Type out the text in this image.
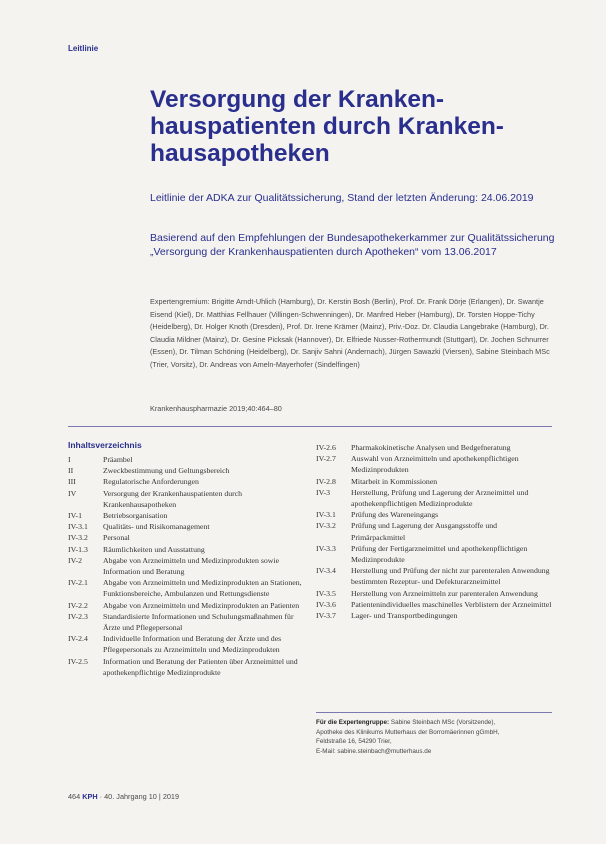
Leitlinie
Versorgung der Krankenhauspatienten durch Krankenhausapotheken

Leitlinie der ADKA zur Qualitätssicherung, Stand der letzten Änderung: 24.06.2019

Basierend auf den Empfehlungen der Bundesapothekerkammer zur Qualitätssicherung „Versorgung der Krankenhauspatienten durch Apotheken“ vom 13.06.2017

Expertengremium: Brigitte Arndt-Uhlich (Hamburg), Dr. Kerstin Bosh (Berlin), Prof. Dr. Frank Dörje (Erlangen), Dr. Swantje Eisend (Kiel), Dr. Matthias Fellhauer (Villingen-Schwenningen), Dr. Manfred Heber (Hamburg), Dr. Torsten Hoppe-Tichy (Heidelberg), Dr. Holger Knoth (Dresden), Prof. Dr. Irene Krämer (Mainz), Priv.-Doz. Dr. Claudia Langebrake (Hamburg), Dr. Claudia Mildner (Mainz), Dr. Gesine Picksak (Hannover), Dr. Elfriede Nusser-Rothermundt (Stuttgart), Dr. Jochen Schnurrer (Essen), Dr. Tilman Schöning (Heidelberg), Dr. Sanjiv Sahni (Andernach), Jürgen Sawazki (Viersen), Sabine Steinbach MSc (Trier, Vorsitz), Dr. Andreas von Ameln-Mayerhofer (Sindelfingen)

Krankenhauspharmazie 2019;40:464–80
Inhaltsverzeichnis
I	Präambel
II	Zweckbestimmung und Geltungsbereich
III	Regulatorische Anforderungen
IV	Versorgung der Krankenhauspatienten durch Krankenhausapotheken
IV-1	Betriebsorganisation
IV-3.1	Qualitäts- und Risikomanagement
IV-3.2	Personal
IV-1.3	Räumlichkeiten und Ausstattung
IV-2	Abgabe von Arzneimitteln und Medizinprodukten sowie Information und Beratung
IV-2.1	Abgabe von Arzneimitteln und Medizinprodukten an Stationen, Funktionsbereiche, Ambulanzen und Rettungsdienste
IV-2.2	Abgabe von Arzneimitteln und Medizinprodukten an Patienten
IV-2.3	Standardisierte Informationen und Schulungsmaßnahmen für Ärzte und Pflegepersonal
IV-2.4	Individuelle Information und Beratung der Ärzte und des Pflegepersonals zu Arzneimitteln und Medizinprodukten
IV-2.5	Information und Beratung der Patienten über Arzneimittel und apothekenpflichtige Medizinprodukte
IV-2.6	Pharmakokinetische Analysen und Bedgefneratung
IV-2.7	Auswahl von Arzneimitteln und apothekenpflichtigen Medizinprodukten
IV-2.8	Mitarbeit in Kommissionen
IV-3	Herstellung, Prüfung und Lagerung der Arzneimittel und apothekenpflichtigen Medizinprodukte
IV-3.1	Prüfung des Wareneingangs
IV-3.2	Prüfung und Lagerung der Ausgangsstoffe und Primärpackmittel
IV-3.3	Prüfung der Fertigarzneimittel und apothekenpflichtigen Medizinprodukte
IV-3.4	Herstellung und Prüfung der nicht zur parenteralen Anwendung bestimmten Rezeptur- und Defekturarzneimittel
IV-3.5	Herstellung von Arzneimitteln zur parenteralen Anwendung
IV-3.6	Patientenindividuelles maschinelles Verblistern der Arzneimittel
IV-3.7	Lager- und Transportbedingungen
Für die Expertengruppe: Sabine Steinbach MSc (Vorsitzende),
Apotheke des Klinikums Mutterhaus der Borromäerinnen gGmbH,
Feldstraße 16, 54290 Trier,
E-Mail: sabine.steinbach@mutterhaus.de
464 KPH · 40. Jahrgang 10 | 2019
